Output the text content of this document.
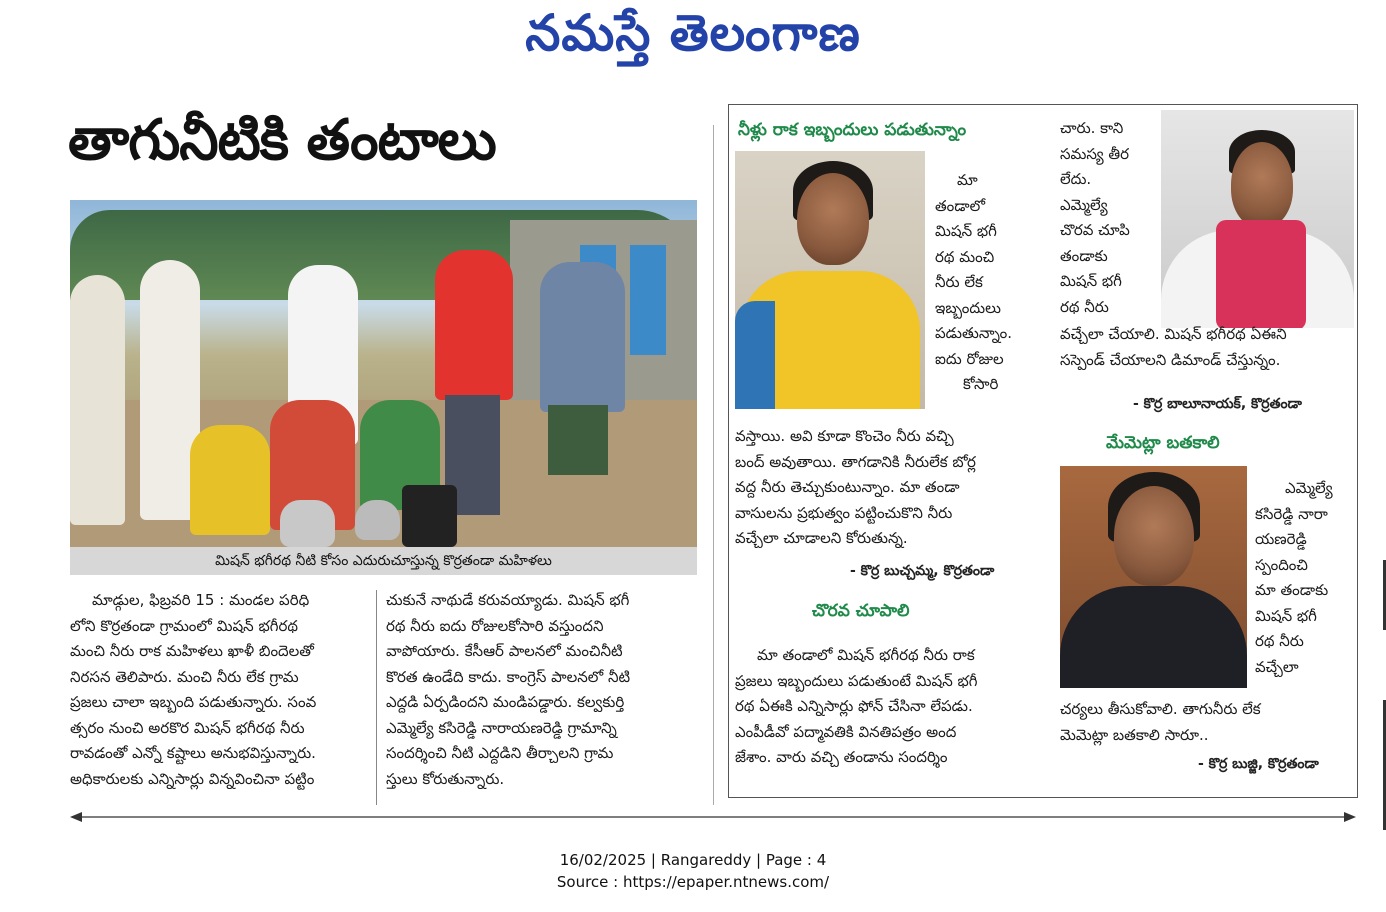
నమస్తే తెలంగాణ
తాగునీటికి తంటాలు
మిషన్ భగీరథ నీటి కోసం ఎదురుచూస్తున్న కొర్రతండా మహిళలు
మాడ్గుల, ఫిబ్రవరి 15 : మండల పరిధి
లోని కొర్రతండా గ్రామంలో మిషన్ భగీరథ
మంచి నీరు రాక మహిళలు ఖాళీ బిందెలతో
నిరసన తెలిపారు. మంచి నీరు లేక గ్రామ
ప్రజలు చాలా ఇబ్బంది పడుతున్నారు. సంవ
త్సరం నుంచి అరకొర మిషన్ భగీరథ నీరు
రావడంతో ఎన్నో కష్టాలు అనుభవిస్తున్నారు.
అధికారులకు ఎన్నిసార్లు విన్నవించినా పట్టిం
చుకునే నాథుడే కరువయ్యాడు. మిషన్ భగీ
రథ నీరు ఐదు రోజులకోసారి వస్తుందని
వాపోయారు. కేసీఆర్ పాలనలో మంచినీటి
కొరత ఉండేది కాదు. కాంగ్రెస్ పాలనలో నీటి
ఎద్దడి ఏర్పడిందని మండిపడ్డారు. కల్వకుర్తి
ఎమ్మెల్యే కసిరెడ్డి నారాయణరెడ్డి గ్రామాన్ని
సందర్శించి నీటి ఎద్దడిని తీర్చాలని గ్రామ
స్తులు కోరుతున్నారు.
నీళ్లు రాక ఇబ్బందులు పడుతున్నాం
మా
తండాలో
మిషన్ భగీ
రథ మంచి
నీరు లేక
ఇబ్బందులు
పడుతున్నాం.
ఐదు రోజుల
కోసారి
వస్తాయి. అవి కూడా కొంచెం నీరు వచ్చి
బంద్ అవుతాయి. తాగడానికి నీరులేక బోర్ల
వద్ద నీరు తెచ్చుకుంటున్నాం. మా తండా
వాసులను ప్రభుత్వం పట్టించుకొని నీరు
వచ్చేలా చూడాలని కోరుతున్న.
- కొర్ర బుచ్చమ్మ, కొర్రతండా
చొరవ చూపాలి
మా తండాలో మిషన్ భగీరథ నీరు రాక
ప్రజలు ఇబ్బందులు పడుతుంటే మిషన్ భగీ
రథ ఏఈకి ఎన్నిసార్లు ఫోన్ చేసినా లేపడు.
ఎంపీడీవో పద్మావతికి వినతిపత్రం అంద
జేశాం. వారు వచ్చి తండాను సందర్శిం
చారు. కాని
సమస్య తీర
లేదు.
ఎమ్మెల్యే
చొరవ చూపి
తండాకు
మిషన్ భగీ
రథ నీరు
వచ్చేలా చేయాలి. మిషన్ భగీరథ ఏఈని
సస్పెండ్ చేయాలని డిమాండ్ చేస్తున్నం.
- కొర్ర బాలూనాయక్, కొర్రతండా
మేమెట్లా బతకాలి
ఎమ్మెల్యే
కసిరెడ్డి నారా
యణరెడ్డి
స్పందించి
మా తండాకు
మిషన్ భగీ
రథ నీరు
వచ్చేలా
చర్యలు తీసుకోవాలి. తాగునీరు లేక
మెమెట్లా బతకాలి సారూ..
- కొర్ర బుజ్జి, కొర్రతండా
16/02/2025 | Rangareddy | Page : 4
Source : https://epaper.ntnews.com/
